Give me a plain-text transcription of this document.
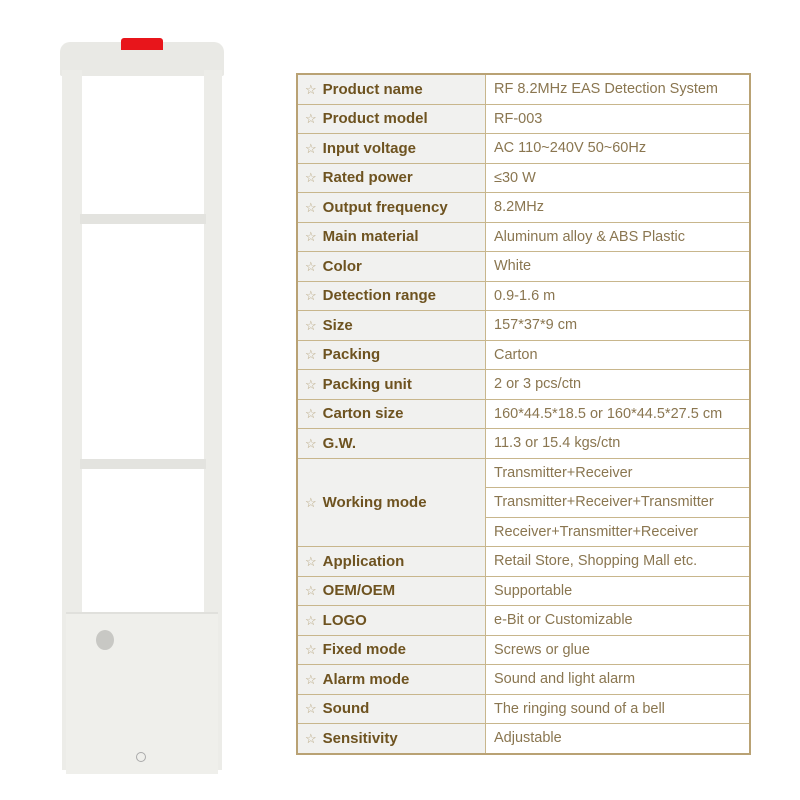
☆ Product name	RF 8.2MHz EAS Detection System
☆ Product model	RF-003
☆ Input voltage	AC 110~240V 50~60Hz
☆ Rated power	≤30 W
☆ Output frequency	8.2MHz
☆ Main material	Aluminum alloy & ABS Plastic
☆ Color	White
☆ Detection range	0.9-1.6 m
☆ Size	157*37*9 cm
☆ Packing	Carton
☆ Packing unit	2 or 3 pcs/ctn
☆ Carton size	160*44.5*18.5 or 160*44.5*27.5 cm
☆ G.W.	11.3 or 15.4 kgs/ctn
☆ Working mode	Transmitter+Receiver
	Transmitter+Receiver+Transmitter
	Receiver+Transmitter+Receiver
☆ Application	Retail Store, Shopping Mall etc.
☆ OEM/OEM	Supportable
☆ LOGO	e-Bit or Customizable
☆ Fixed mode	Screws or glue
☆ Alarm mode	Sound and light alarm
☆ Sound	The ringing sound of a bell
☆ Sensitivity	Adjustable
